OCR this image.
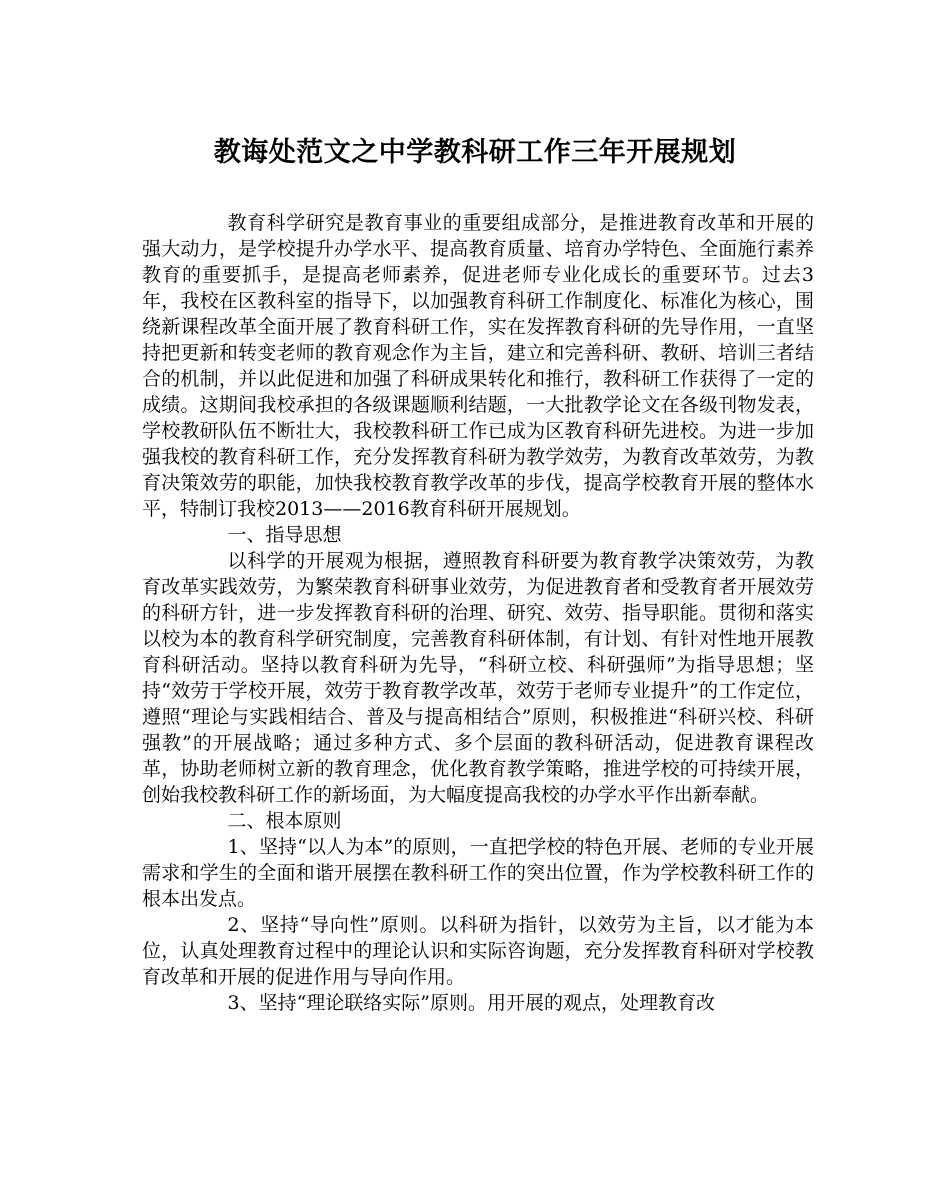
教诲处范文之中学教科研工作三年开展规划

教育科学研究是教育事业的重要组成部分，是推进教育改革和开展的强大动力，是学校提升办学水平、提高教育质量、培育办学特色、全面施行素养教育的重要抓手，是提高老师素养，促进老师专业化成长的重要环节。过去3年，我校在区教科室的指导下，以加强教育科研工作制度化、标准化为核心，围绕新课程改革全面开展了教育科研工作，实在发挥教育科研的先导作用，一直坚持把更新和转变老师的教育观念作为主旨，建立和完善科研、教研、培训三者结合的机制，并以此促进和加强了科研成果转化和推行，教科研工作获得了一定的成绩。这期间我校承担的各级课题顺利结题，一大批教学论文在各级刊物发表，学校教研队伍不断壮大，我校教科研工作已成为区教育科研先进校。为进一步加强我校的教育科研工作，充分发挥教育科研为教学效劳，为教育改革效劳，为教育决策效劳的职能，加快我校教育教学改革的步伐，提高学校教育开展的整体水平，特制订我校2013——2016教育科研开展规划。

一、指导思想

以科学的开展观为根据，遵照教育科研要为教育教学决策效劳，为教育改革实践效劳，为繁荣教育科研事业效劳，为促进教育者和受教育者开展效劳的科研方针，进一步发挥教育科研的治理、研究、效劳、指导职能。贯彻和落实以校为本的教育科学研究制度，完善教育科研体制，有计划、有针对性地开展教育科研活动。坚持以教育科研为先导，“科研立校、科研强师”为指导思想；坚持“效劳于学校开展，效劳于教育教学改革，效劳于老师专业提升”的工作定位，遵照“理论与实践相结合、普及与提高相结合”原则，积极推进“科研兴校、科研强教”的开展战略；通过多种方式、多个层面的教科研活动，促进教育课程改革，协助老师树立新的教育理念，优化教育教学策略，推进学校的可持续开展，创始我校教科研工作的新场面，为大幅度提高我校的办学水平作出新奉献。

二、根本原则

1、坚持“以人为本”的原则，一直把学校的特色开展、老师的专业开展需求和学生的全面和谐开展摆在教科研工作的突出位置，作为学校教科研工作的根本出发点。

2、坚持“导向性”原则。以科研为指针，以效劳为主旨，以才能为本位，认真处理教育过程中的理论认识和实际咨询题，充分发挥教育科研对学校教育改革和开展的促进作用与导向作用。

3、坚持“理论联络实际”原则。用开展的观点，处理教育改
